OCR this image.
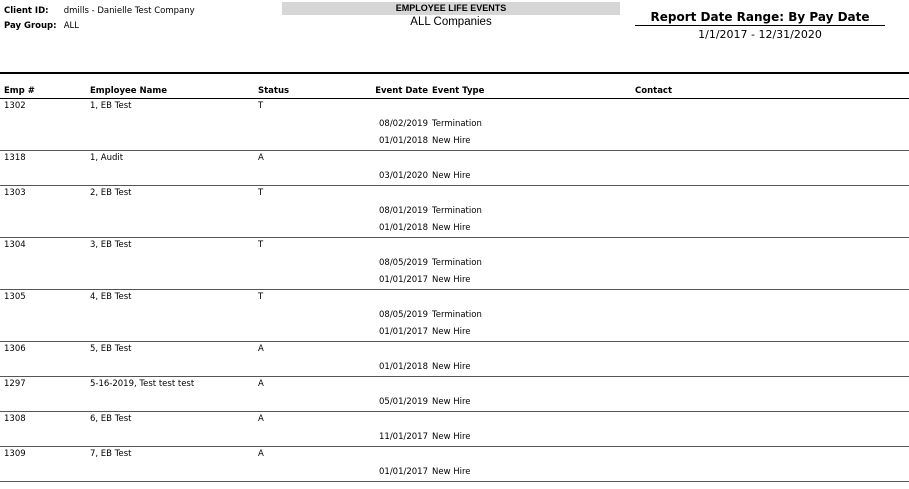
Client ID: dmills - Danielle Test Company
Pay Group: ALL
EMPLOYEE LIFE EVENTS
ALL Companies	Report Date Range: By Pay Date
1/1/2017 - 12/31/2020
Emp #	Employee Name	Status	Event Date Event Type	Contact
1302	1, EB Test	T
08/02/2019 Termination
01/01/2018 New Hire
1318	1, Audit	A
03/01/2020 New Hire
1303	2, EB Test	T
08/01/2019 Termination
01/01/2018 New Hire
1304	3, EB Test	T
08/05/2019 Termination
01/01/2017 New Hire
1305	4, EB Test	T
08/05/2019 Termination
01/01/2017 New Hire
1306	5, EB Test	A
01/01/2018 New Hire
1297	5-16-2019, Test test test	A
05/01/2019 New Hire
1308	6, EB Test	A
11/01/2017 New Hire
1309	7, EB Test	A
01/01/2017 New Hire
